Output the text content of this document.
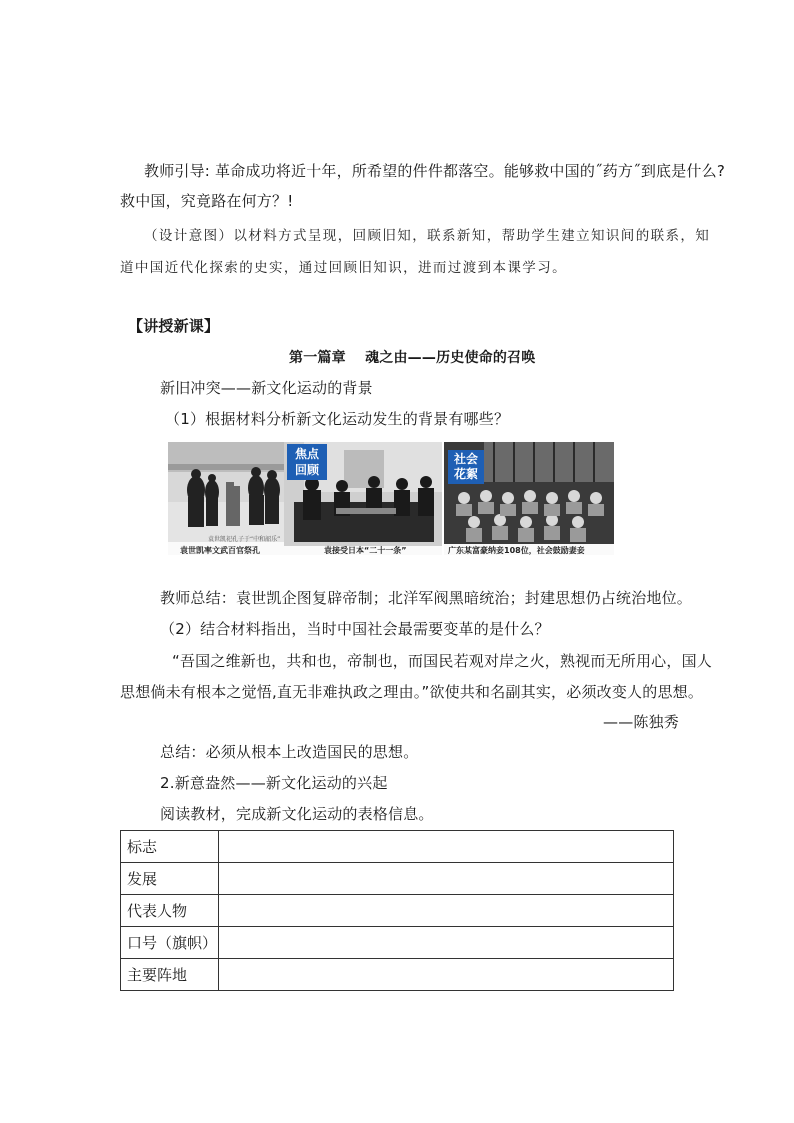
教师引导: 革命成功将近十年，所希望的件件都落空。能够救中国的˝药方˝到底是什么?
救中国，究竟路在何方？!
（设计意图）以材料方式呈现，回顾旧知，联系新知，帮助学生建立知识间的联系，知
道中国近代化探索的史实，通过回顾旧知识，进而过渡到本课学习。
【讲授新课】
第一篇章　 魂之由——历史使命的召唤
新旧冲突——新文化运动的背景
（1）根据材料分析新文化运动发生的背景有哪些？
袁世凯祀孔子于“中和韶乐”
袁世凯率文武百官祭孔
焦点
回顾
袁接受日本“二十一条”
社会
花絮
广东某富豪纳妾108位，社会鼓励妻妾
教师总结：袁世凯企图复辟帝制；北洋军阀黑暗统治；封建思想仍占统治地位。
（2）结合材料指出，当时中国社会最需要变革的是什么？
“吾国之维新也，共和也，帝制也，而国民若观对岸之火，熟视而无所用心，国人
思想倘未有根本之觉悟,直无非难执政之理由。”欲使共和名副其实，必须改变人的思想。
——陈独秀
总结：必须从根本上改造国民的思想。
2.新意盎然——新文化运动的兴起
阅读教材，完成新文化运动的表格信息。
标志	
发展	
代表人物	
口号（旗帜）	
主要阵地	
